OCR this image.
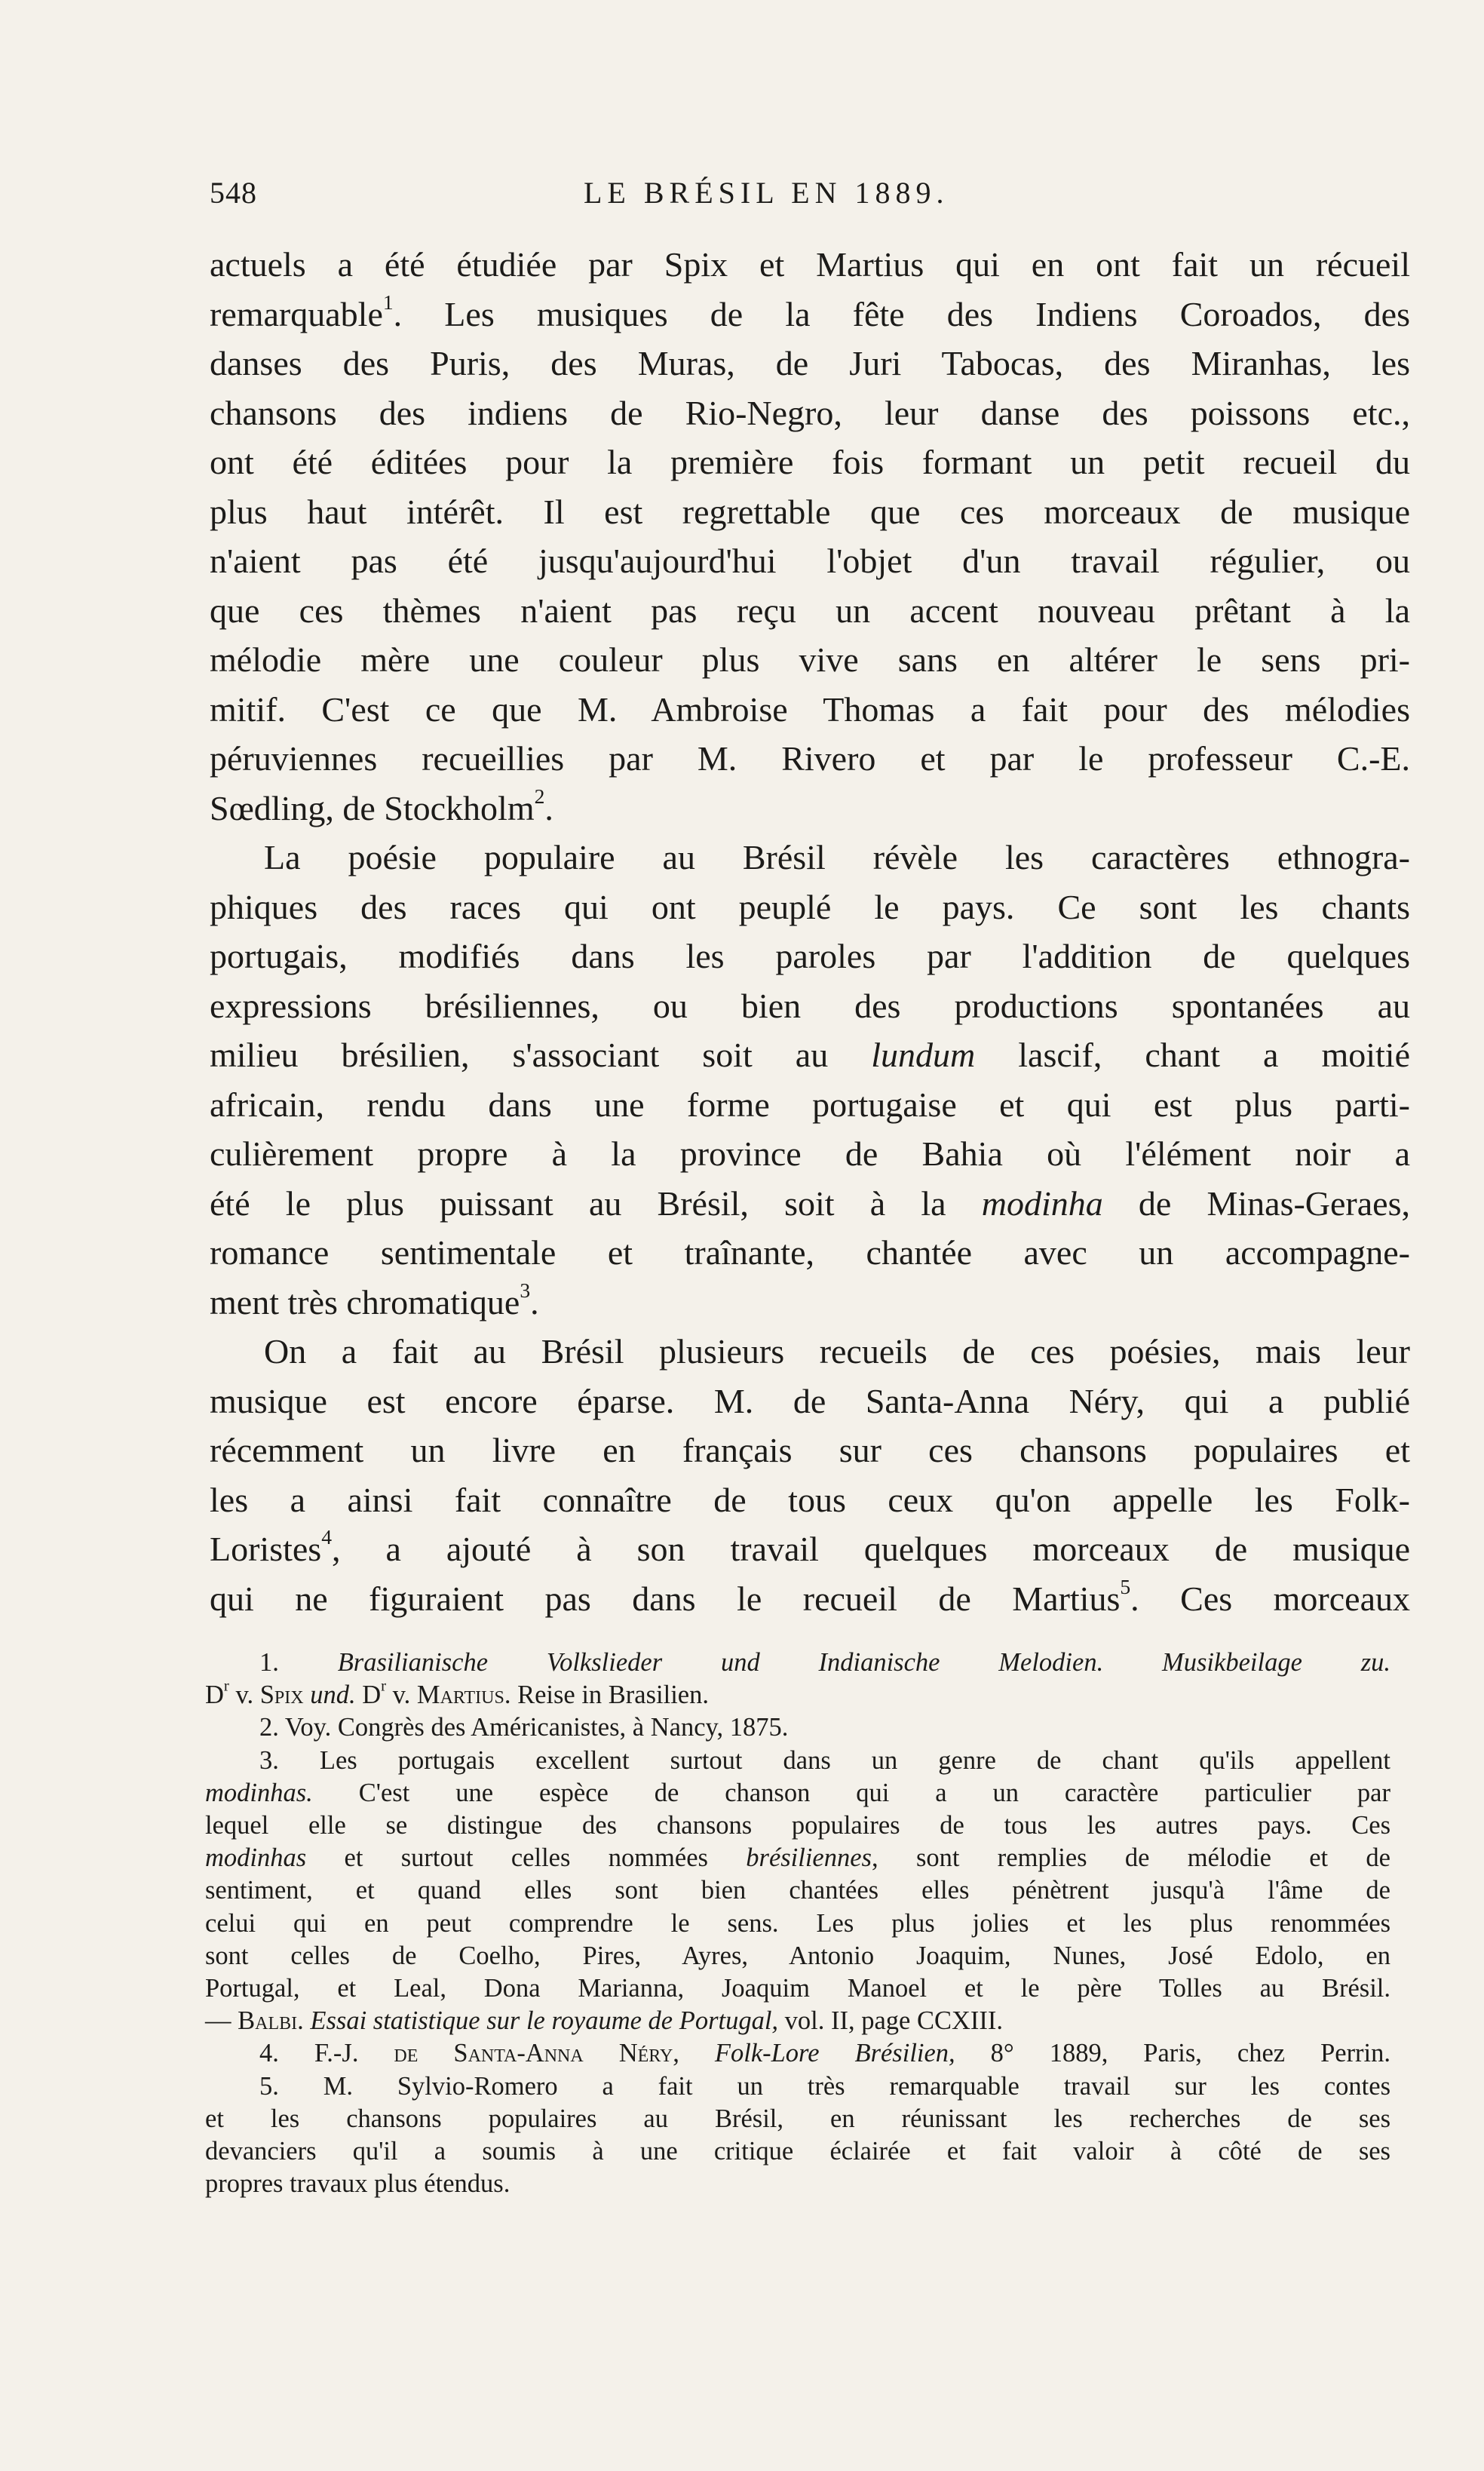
548	LE BRÉSIL EN 1889.

actuels a été étudiée par Spix et Martius qui en ont fait un récueil
remarquable$^1$. Les musiques de la fête des Indiens Coroados, des
danses des Puris, des Muras, de Juri Tabocas, des Miranhas, les
chansons des indiens de Rio-Negro, leur danse des poissons etc.,
ont été éditées pour la première fois formant un petit recueil du
plus haut intérêt. Il est regrettable que ces morceaux de musique
n'aient pas été jusqu'aujourd'hui l'objet d'un travail régulier, ou
que ces thèmes n'aient pas reçu un accent nouveau prêtant à la
mélodie mère une couleur plus vive sans en altérer le sens pri-
mitif. C'est ce que M. Ambroise Thomas a fait pour des mélodies
péruviennes recueillies par M. Rivero et par le professeur C.-E.
Sœdling, de Stockholm$^2$.

La poésie populaire au Brésil révèle les caractères ethnogra-
phiques des races qui ont peuplé le pays. Ce sont les chants
portugais, modifiés dans les paroles par l'addition de quelques
expressions brésiliennes, ou bien des productions spontanées au
milieu brésilien, s'associant soit au lundum lascif, chant a moitié
africain, rendu dans une forme portugaise et qui est plus parti-
culièrement propre à la province de Bahia où l'élément noir a
été le plus puissant au Brésil, soit à la modinha de Minas-Geraes,
romance sentimentale et traînante, chantée avec un accompagne-
ment très chromatique$^3$.

On a fait au Brésil plusieurs recueils de ces poésies, mais leur
musique est encore éparse. M. de Santa-Anna Néry, qui a publié
récemment un livre en français sur ces chansons populaires et
les a ainsi fait connaître de tous ceux qu'on appelle les Folk-
Loristes$^4$, a ajouté à son travail quelques morceaux de musique
qui ne figuraient pas dans le recueil de Martius$^5$. Ces morceaux

1. Brasilianische Volkslieder und Indianische Melodien. Musikbeilage zu.
$D^r$ v. Spix und. $D^r$ v. Martius. Reise in Brasilien.

2. Voy. Congrès des Américanistes, à Nancy, 1875.

3. Les portugais excellent surtout dans un genre de chant qu'ils appellent
modinhas. C'est une espèce de chanson qui a un caractère particulier par
lequel elle se distingue des chansons populaires de tous les autres pays. Ces
modinhas et surtout celles nommées brésiliennes, sont remplies de mélodie et de
sentiment, et quand elles sont bien chantées elles pénètrent jusqu'à l'âme de
celui qui en peut comprendre le sens. Les plus jolies et les plus renommées
sont celles de Coelho, Pires, Ayres, Antonio Joaquim, Nunes, José Edolo, en
Portugal, et Leal, Dona Marianna, Joaquim Manoel et le père Tolles au Brésil.
— Balbi. Essai statistique sur le royaume de Portugal, vol. II, page CCXIII.

4. F.-J. de Santa-Anna Néry, Folk-Lore Brésilien, 8° 1889, Paris, chez Perrin.

5. M. Sylvio-Romero a fait un très remarquable travail sur les contes
et les chansons populaires au Brésil, en réunissant les recherches de ses
devanciers qu'il a soumis à une critique éclairée et fait valoir à côté de ses
propres travaux plus étendus.
